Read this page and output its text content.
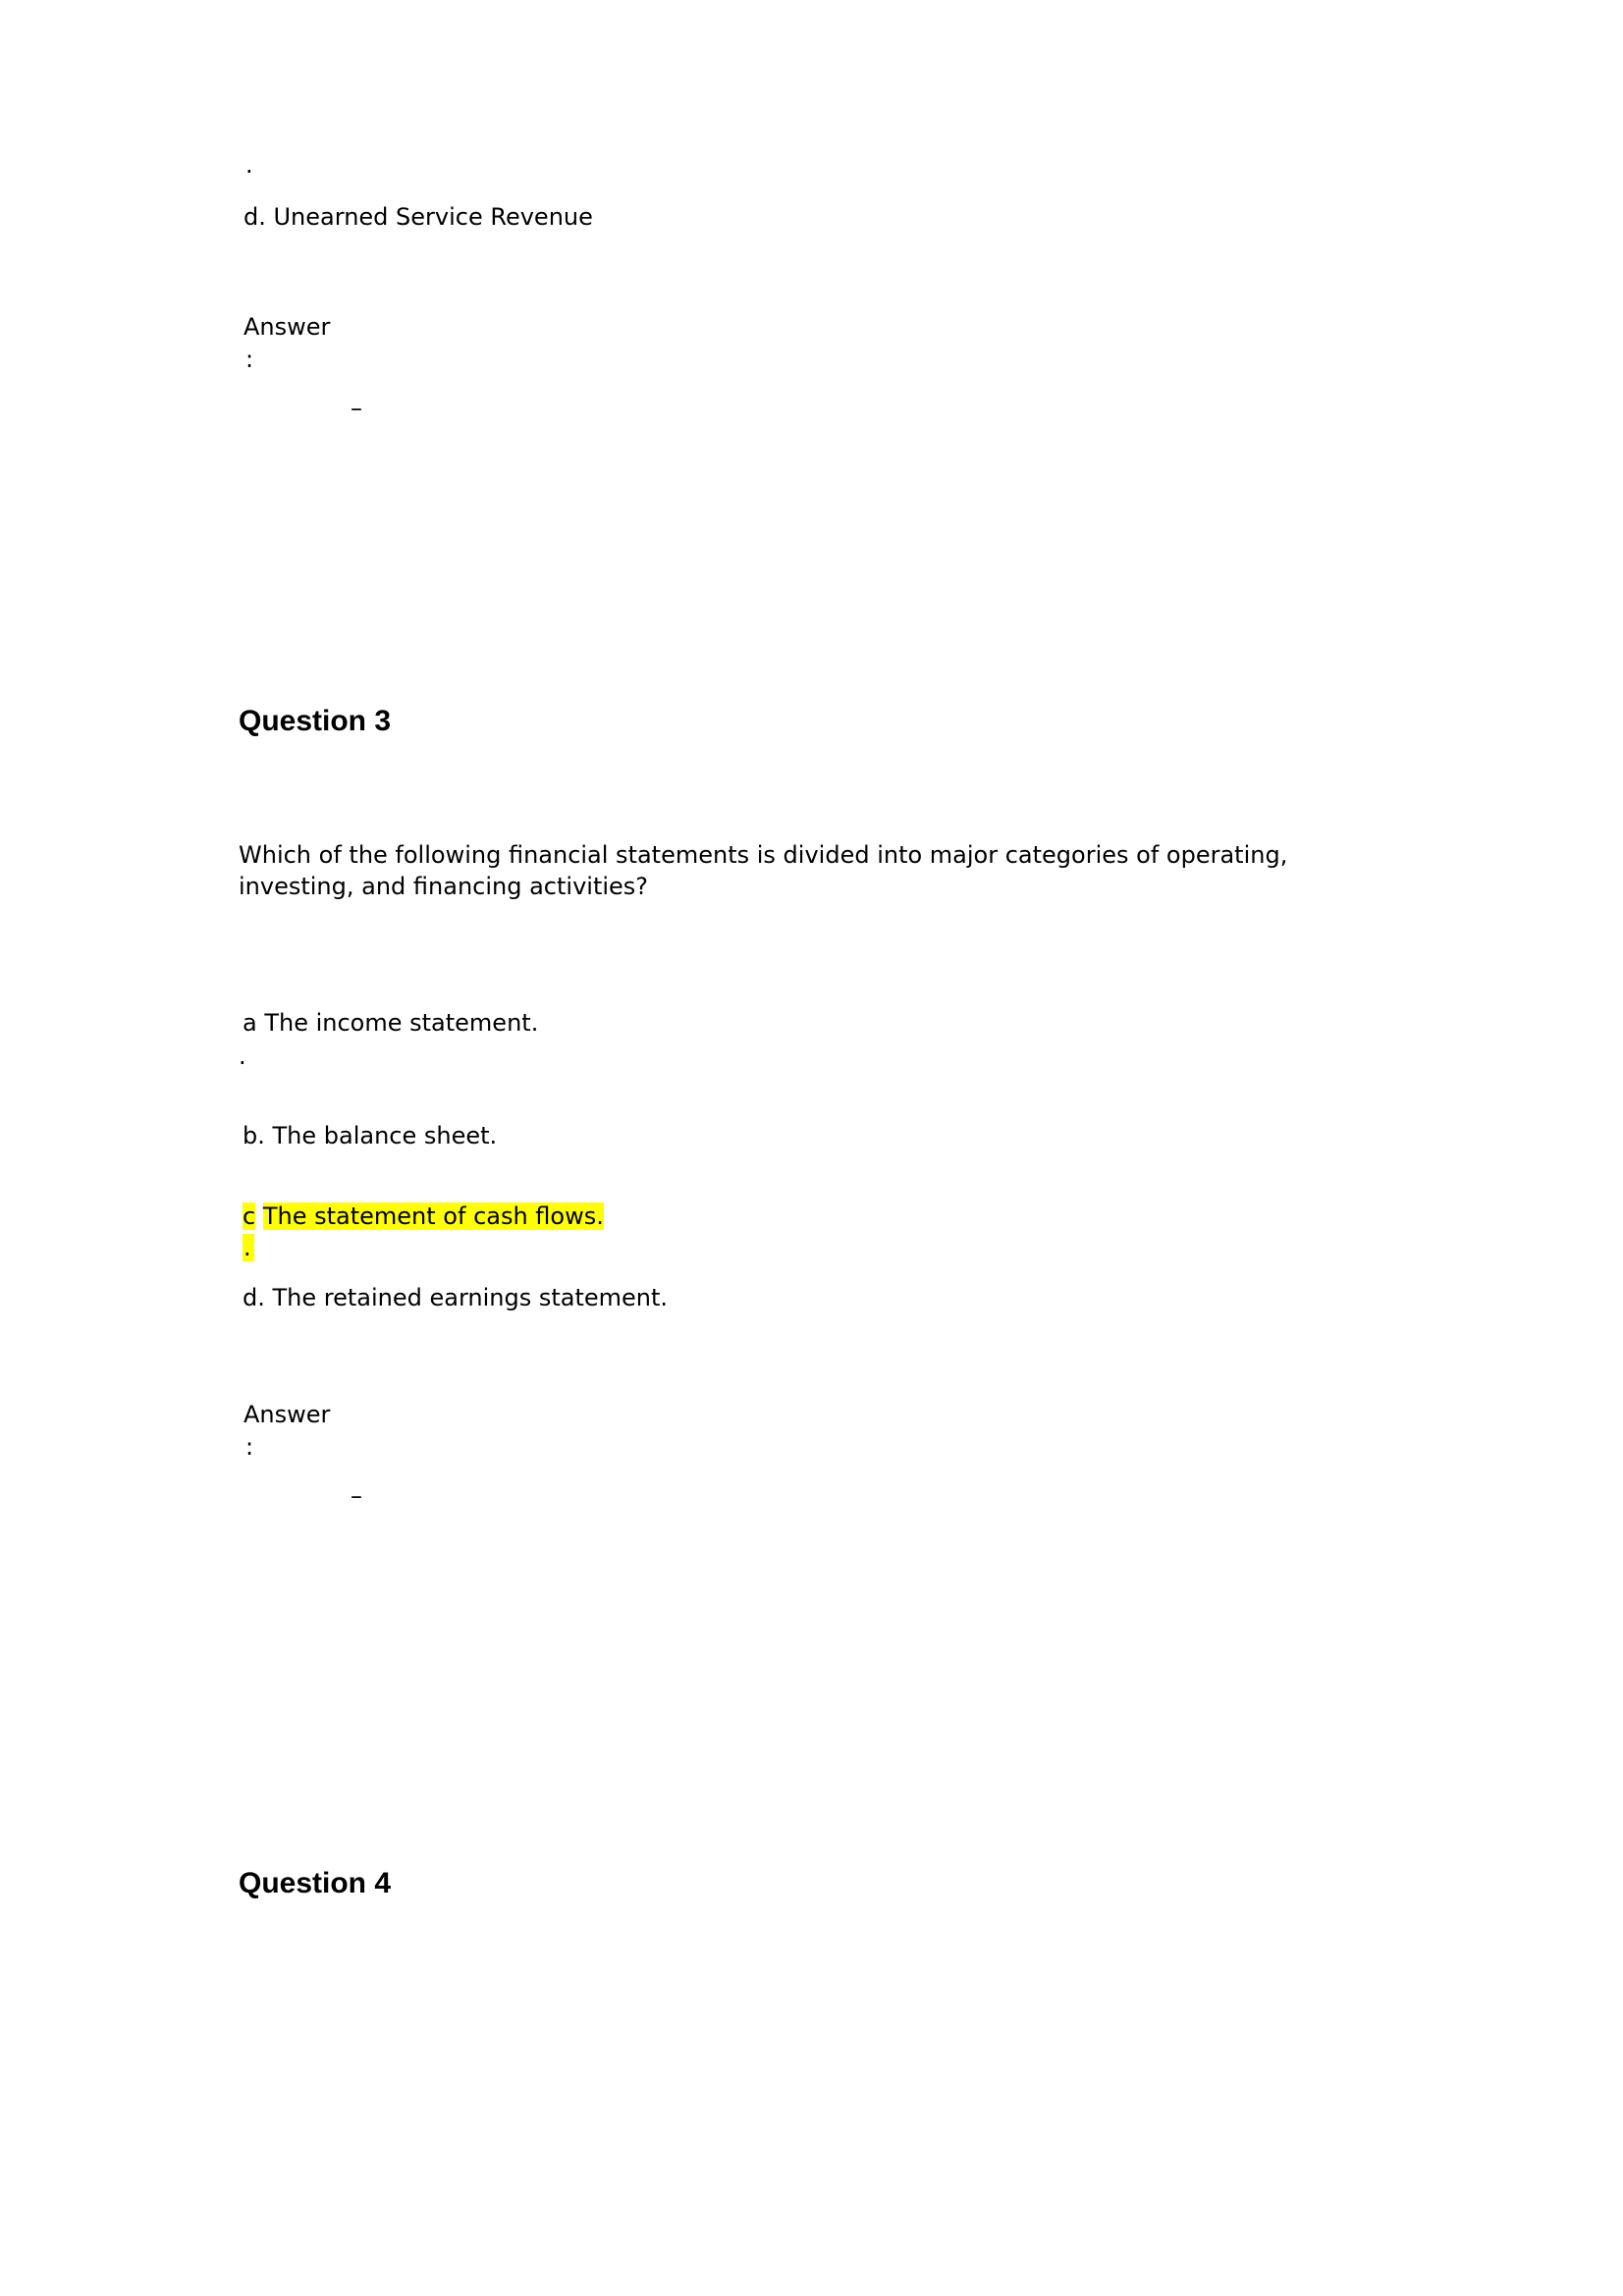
.
d. Unearned Service Revenue
Answer
:
–
Question 3
Which of the following financial statements is divided into major categories of operating,
investing, and financing activities?
a The income statement.
.
b. The balance sheet.
c The statement of cash flows.
.
d. The retained earnings statement.
Answer
:
–
Question 4
